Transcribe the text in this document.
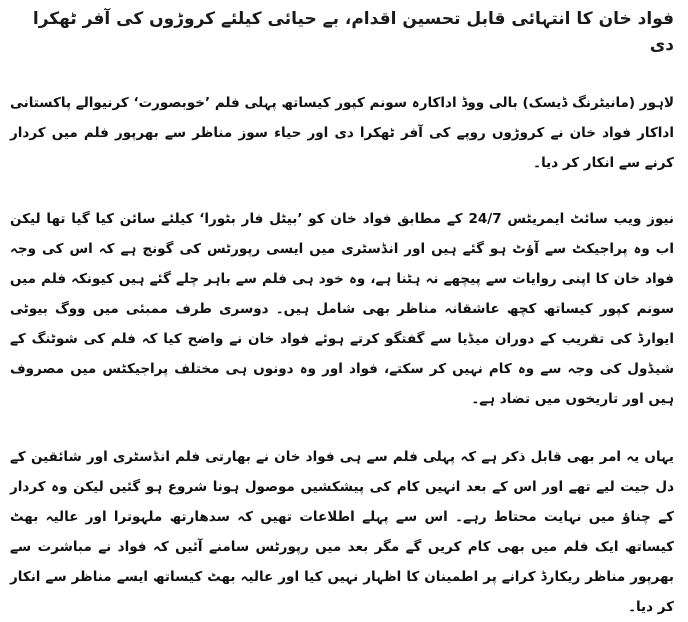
فواد خان کا انتہائی قابل تحسین اقدام، بے حیائی کیلئے کروڑوں کی آفر ٹھکرا دی

لاہور (مانیٹرنگ ڈیسک) بالی ووڈ اداکارہ سونم کپور کیساتھ پہلی فلم ’خوبصورت‘ کرنیوالے پاکستانی اداکار فواد خان نے کروڑوں روپے کی آفر ٹھکرا دی اور حیاء سوز مناظر سے بھرپور فلم میں کردار کرنے سے انکار کر دیا۔

نیوز ویب سائٹ ایمریٹس 24/7 کے مطابق فواد خان کو ’بیٹل فار بٹورا‘ کیلئے سائن کیا گیا تھا لیکن اب وہ پراجیکٹ سے آؤٹ ہو گئے ہیں اور انڈسٹری میں ایسی رپورٹس کی گونج ہے کہ اس کی وجہ فواد خان کا اپنی روایات سے پیچھے نہ ہٹنا ہے، وہ خود ہی فلم سے باہر چلے گئے ہیں کیونکہ فلم میں سونم کپور کیساتھ کچھ عاشقانہ مناظر بھی شامل ہیں۔ دوسری طرف ممبئی میں ووگ بیوٹی ایوارڈ کی تقریب کے دوران میڈیا سے گفتگو کرتے ہوئے فواد خان نے واضح کیا کہ فلم کی شوٹنگ کے شیڈول کی وجہ سے وہ کام نہیں کر سکتے، فواد اور وہ دونوں ہی مختلف پراجیکٹس میں مصروف ہیں اور تاریخوں میں تضاد ہے۔

یہاں یہ امر بھی قابل ذکر ہے کہ پہلی فلم سے ہی فواد خان نے بھارتی فلم انڈسٹری اور شائقین کے دل جیت لیے تھے اور اس کے بعد انہیں کام کی پیشکشیں موصول ہونا شروع ہو گئیں لیکن وہ کردار کے چناؤ میں نہایت محتاط رہے۔ اس سے پہلے اطلاعات تھیں کہ سدھارتھ ملہوترا اور عالیہ بھٹ کیساتھ ایک فلم میں بھی کام کریں گے مگر بعد میں رپورٹس سامنے آئیں کہ فواد نے مباشرت سے بھرپور مناظر ریکارڈ کرانے پر اطمینان کا اظہار نہیں کیا اور عالیہ بھٹ کیساتھ ایسے مناظر سے انکار کر دیا۔
